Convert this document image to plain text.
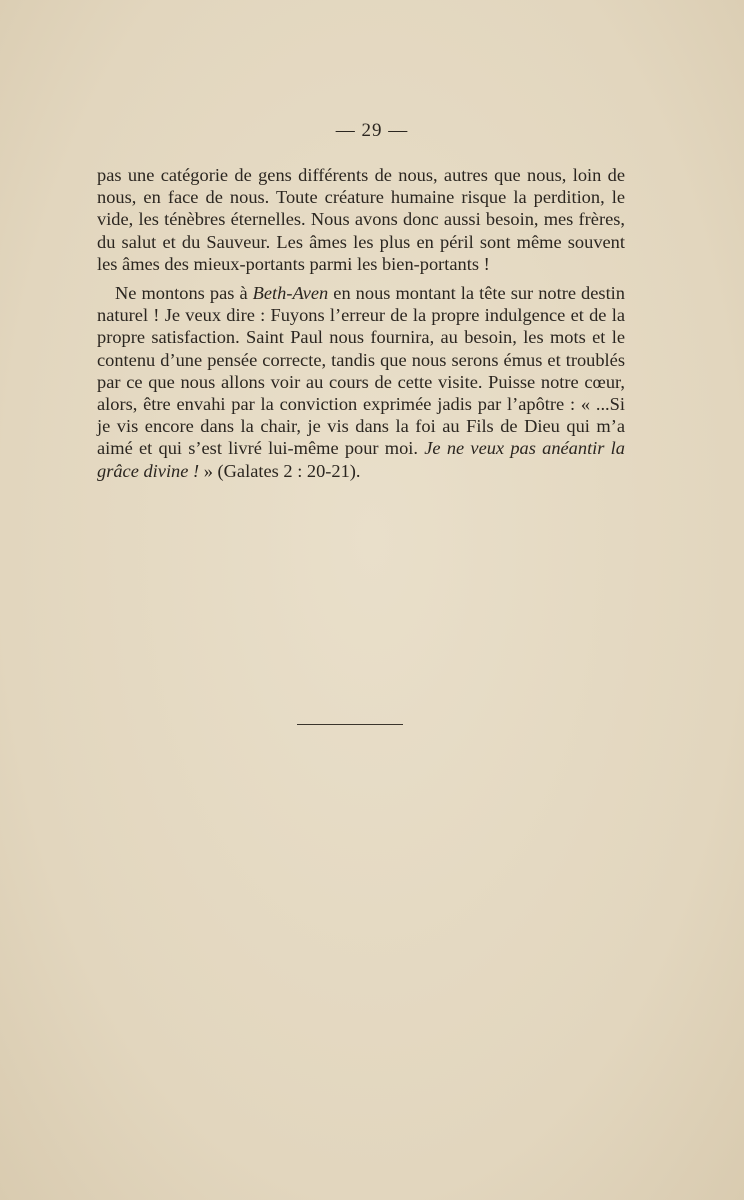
— 29 —

pas une catégorie de gens différents de nous, autres que nous, loin de nous, en face de nous. Toute créature humaine risque la perdition, le vide, les ténèbres éternelles. Nous avons donc aussi besoin, mes frères, du salut et du Sauveur. Les âmes les plus en péril sont même souvent les âmes des mieux-portants parmi les bien-portants !

Ne montons pas à Beth-Aven en nous montant la tête sur notre destin naturel ! Je veux dire : Fuyons l’erreur de la propre indulgence et de la propre satisfaction. Saint Paul nous fournira, au besoin, les mots et le contenu d’une pensée correcte, tandis que nous serons émus et troublés par ce que nous allons voir au cours de cette visite. Puisse notre cœur, alors, être envahi par la conviction exprimée jadis par l’apôtre : « ...Si je vis encore dans la chair, je vis dans la foi au Fils de Dieu qui m’a aimé et qui s’est livré lui-même pour moi. Je ne veux pas anéantir la grâce divine ! » (Galates 2 : 20-21).
